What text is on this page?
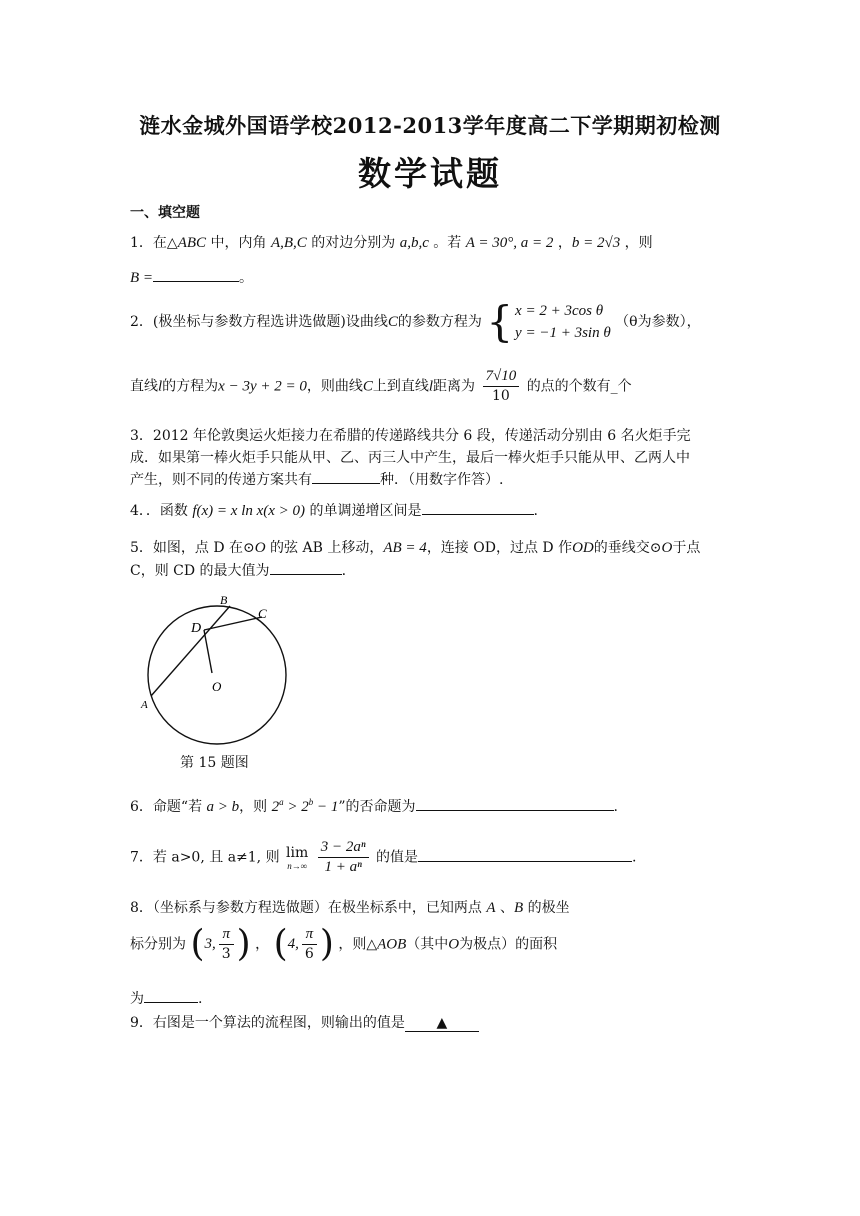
涟水金城外国语学校2012-2013学年度高二下学期期初检测
数学试题
一、填空题
1．在△ABC 中，内角 A,B,C 的对边分别为 a,b,c 。若 A = 30°, a = 2 ，b = 2√3 ，则
B =	。
2．(极坐标与参数方程选讲选做题)设曲线C的参数方程为 { x = 2 + 3cos θ
y = −1 + 3sin θ
（θ为参数），
直线l的方程为x − 3y + 2 = 0，则曲线C上到直线l距离为 $\frac{7√10}{10}$ 的点的个数有_个
3．2012 年伦敦奥运火炬接力在希腊的传递路线共分 6 段，传递活动分别由 6 名火炬手完
成．如果第一棒火炬手只能从甲、乙、丙三人中产生，最后一棒火炬手只能从甲、乙两人中
产生，则不同的传递方案共有	种．（用数字作答）.
4．．函数 f(x) = x ln x(x > 0) 的单调递增区间是	.
5．如图，点 D 在⊙O 的弦 AB 上移动，AB = 4，连接 OD，过点 D 作OD的垂线交⊙O于点
C，则 CD 的最大值为	.
B
C
D
O
A
第 15 题图
6．命题“若 a > b，则 $2^a > 2^b - 1$”的否命题为	.
7．若 a>0, 且 a≠1, 则 lim
n→∞
$\frac{\text{3 − 2aⁿ}}{\text{1 + aⁿ}}$ 的值是	.
8．（坐标系与参数方程选做题）在极坐标系中，已知两点 A 、B 的极坐
标分别为 (3, $\frac{\pi}{3}$ ) ， (4, $\frac{\pi}{6}$ ) ，则△AOB（其中O为极点）的面积
为	.
9．右图是一个算法的流程图，则输出的值是 ▲
